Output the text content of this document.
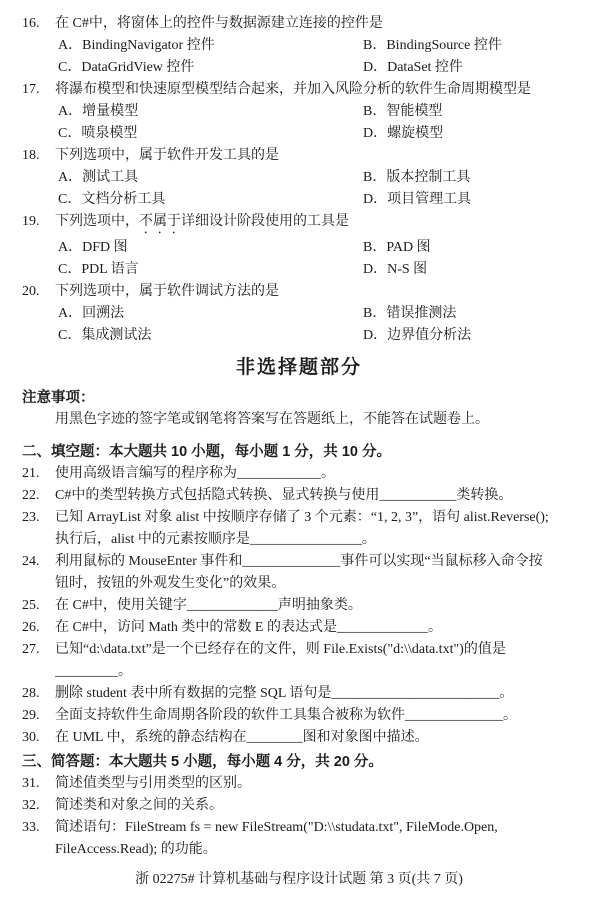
16.	在 C#中，将窗体上的控件与数据源建立连接的控件是
A．BindingNavigator 控件	B．BindingSource 控件
C．DataGridView 控件	D．DataSet 控件
17.	将瀑布模型和快速原型模型结合起来，并加入风险分析的软件生命周期模型是
A．增量模型	B．智能模型
C．喷泉模型	D．螺旋模型
18.	下列选项中，属于软件开发工具的是
A．测试工具	B．版本控制工具
C．文档分析工具	D．项目管理工具
19.	下列选项中，不属于详细设计阶段使用的工具是
A．DFD 图	B．PAD 图
C．PDL 语言	D．N-S 图
20.	下列选项中，属于软件调试方法的是
A．回溯法	B．错误推测法
C．集成测试法	D．边界值分析法
非选择题部分
注意事项：
用黑色字迹的签字笔或钢笔将答案写在答题纸上，不能答在试题卷上。
二、填空题：本大题共 10 小题，每小题 1 分，共 10 分。
21.	使用高级语言编写的程序称为____________。
22.	C#中的类型转换方式包括隐式转换、显式转换与使用___________类转换。
23.	已知 ArrayList 对象 alist 中按顺序存储了 3 个元素：“1, 2, 3”，语句 alist.Reverse();
执行后，alist 中的元素按顺序是________________。
24.	利用鼠标的 MouseEnter 事件和______________事件可以实现“当鼠标移入命令按
钮时，按钮的外观发生变化”的效果。
25.	在 C#中，使用关键字_____________声明抽象类。
26.	在 C#中，访问 Math 类中的常数 E 的表达式是_____________。
27.	已知“d:\data.txt”是一个已经存在的文件，则 File.Exists("d:\\data.txt")的值是
_________。
28.	删除 student 表中所有数据的完整 SQL 语句是________________________。
29.	全面支持软件生命周期各阶段的软件工具集合被称为软件______________。
30.	在 UML 中，系统的静态结构在________图和对象图中描述。
三、简答题：本大题共 5 小题，每小题 4 分，共 20 分。
31.	简述值类型与引用类型的区别。
32.	简述类和对象之间的关系。
33.	简述语句：FileStream fs = new FileStream("D:\\studata.txt", FileMode.Open,
FileAccess.Read); 的功能。
浙 02275# 计算机基础与程序设计试题 第 3 页(共 7 页)
